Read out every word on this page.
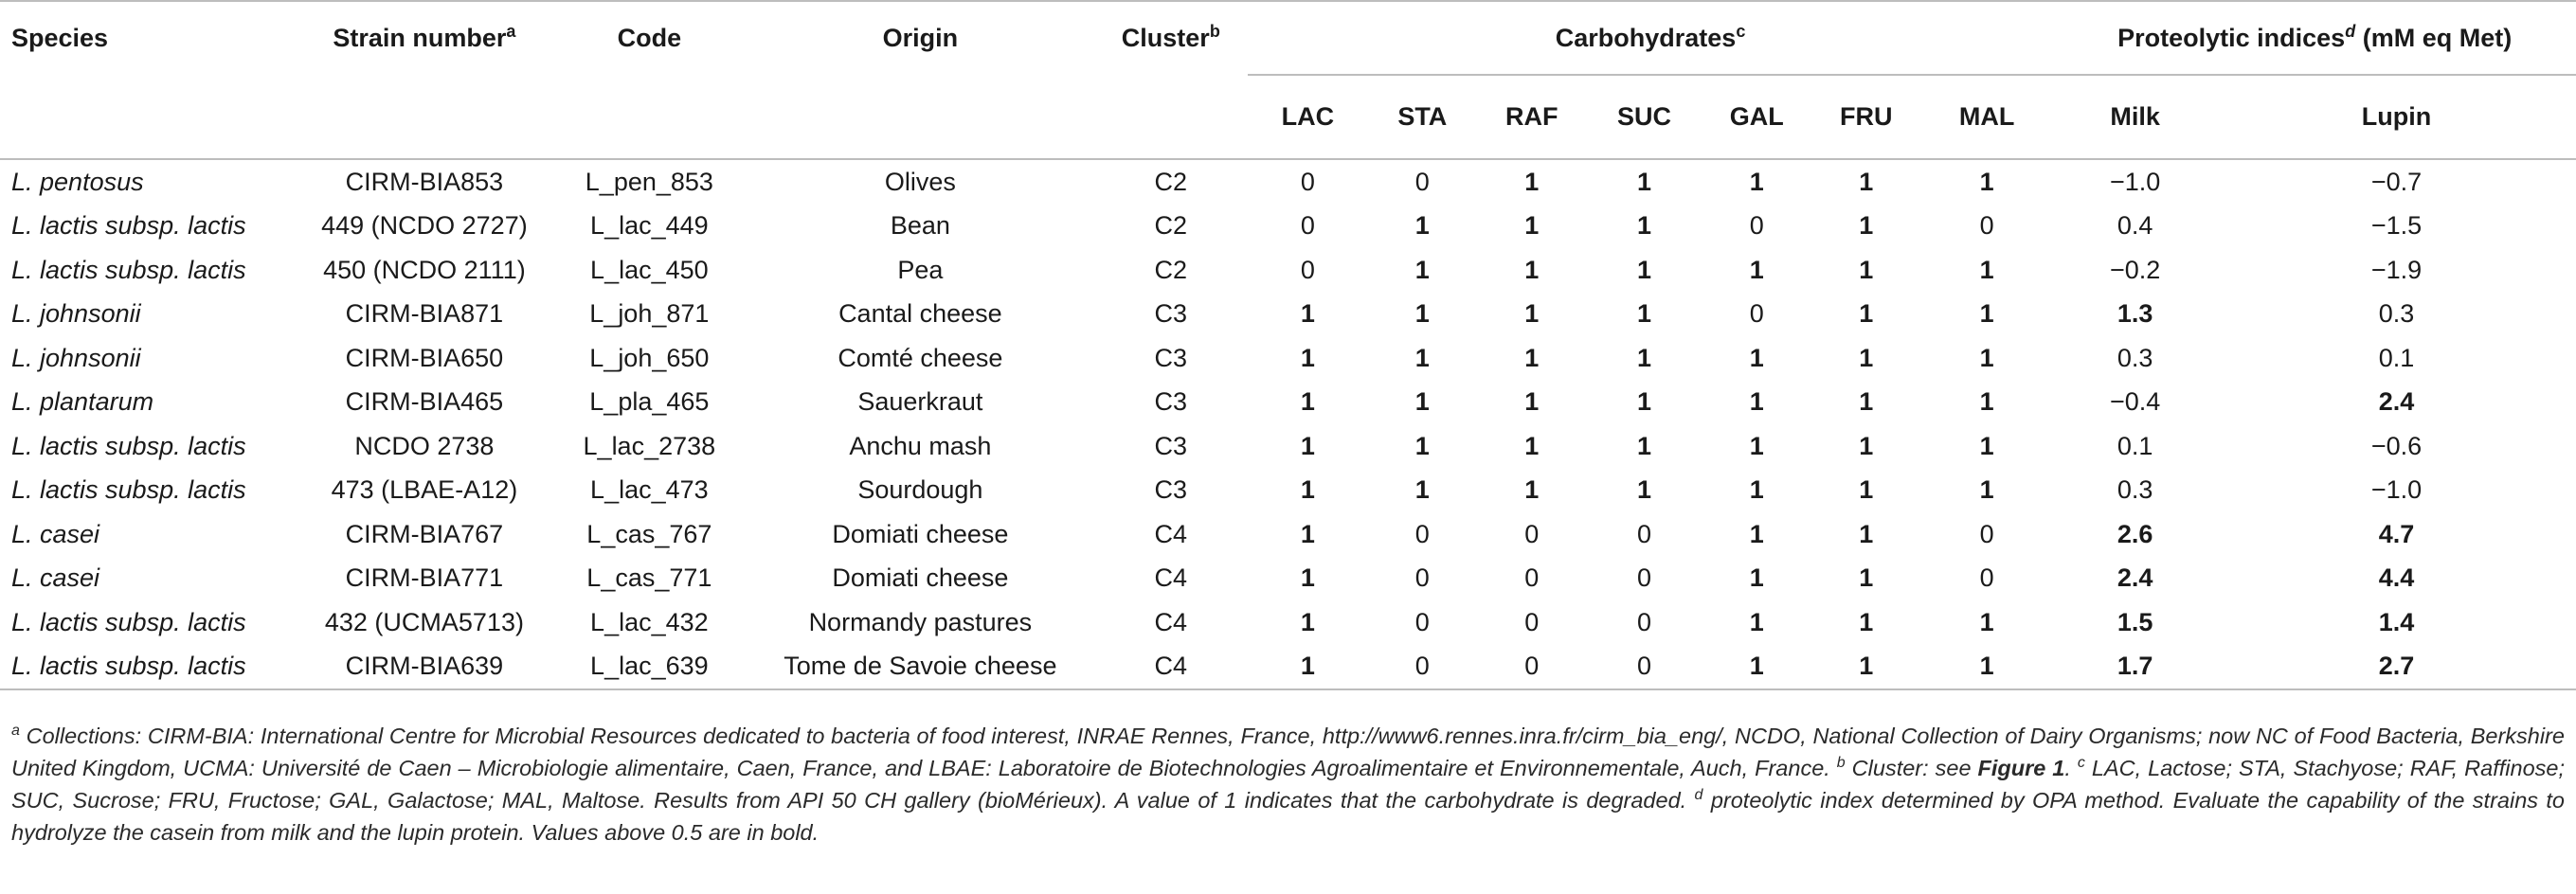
Species	Strain number$^a$	Code	Origin	Cluster$^b$	Carbohydrates$^c$							Proteolytic indices$^d$ (mM eq Met)	
					LAC	STA	RAF	SUC	GAL	FRU	MAL	Milk	Lupin
L. pentosus	CIRM-BIA853	L_pen_853	Olives	C2	0	0	1	1	1	1	1	−1.0	−0.7
L. lactis subsp. lactis	449 (NCDO 2727)	L_lac_449	Bean	C2	0	1	1	1	0	1	0	0.4	−1.5
L. lactis subsp. lactis	450 (NCDO 2111)	L_lac_450	Pea	C2	0	1	1	1	1	1	1	−0.2	−1.9
L. johnsonii	CIRM-BIA871	L_joh_871	Cantal cheese	C3	1	1	1	1	0	1	1	1.3	0.3
L. johnsonii	CIRM-BIA650	L_joh_650	Comté cheese	C3	1	1	1	1	1	1	1	0.3	0.1
L. plantarum	CIRM-BIA465	L_pla_465	Sauerkraut	C3	1	1	1	1	1	1	1	−0.4	2.4
L. lactis subsp. lactis	NCDO 2738	L_lac_2738	Anchu mash	C3	1	1	1	1	1	1	1	0.1	−0.6
L. lactis subsp. lactis	473 (LBAE-A12)	L_lac_473	Sourdough	C3	1	1	1	1	1	1	1	0.3	−1.0
L. casei	CIRM-BIA767	L_cas_767	Domiati cheese	C4	1	0	0	0	1	1	0	2.6	4.7
L. casei	CIRM-BIA771	L_cas_771	Domiati cheese	C4	1	0	0	0	1	1	0	2.4	4.4
L. lactis subsp. lactis	432 (UCMA5713)	L_lac_432	Normandy pastures	C4	1	0	0	0	1	1	1	1.5	1.4
L. lactis subsp. lactis	CIRM-BIA639	L_lac_639	Tome de Savoie cheese	C4	1	0	0	0	1	1	1	1.7	2.7
$^a$ Collections: CIRM-BIA: International Centre for Microbial Resources dedicated to bacteria of food interest, INRAE Rennes, France, http://www6.rennes.inra.fr/cirm_bia_eng/, NCDO, National Collection of Dairy Organisms; now NC of Food Bacteria, Berkshire United Kingdom, UCMA: Université de Caen – Microbiologie alimentaire, Caen, France, and LBAE: Laboratoire de Biotechnologies Agroalimentaire et Environnementale, Auch, France. $^b$ Cluster: see Figure 1. $^c$ LAC, Lactose; STA, Stachyose; RAF, Raffinose; SUC, Sucrose; FRU, Fructose; GAL, Galactose; MAL, Maltose. Results from API 50 CH gallery (bioMérieux). A value of 1 indicates that the carbohydrate is degraded. $^d$ proteolytic index determined by OPA method. Evaluate the capability of the strains to hydrolyze the casein from milk and the lupin protein. Values above 0.5 are in bold.
